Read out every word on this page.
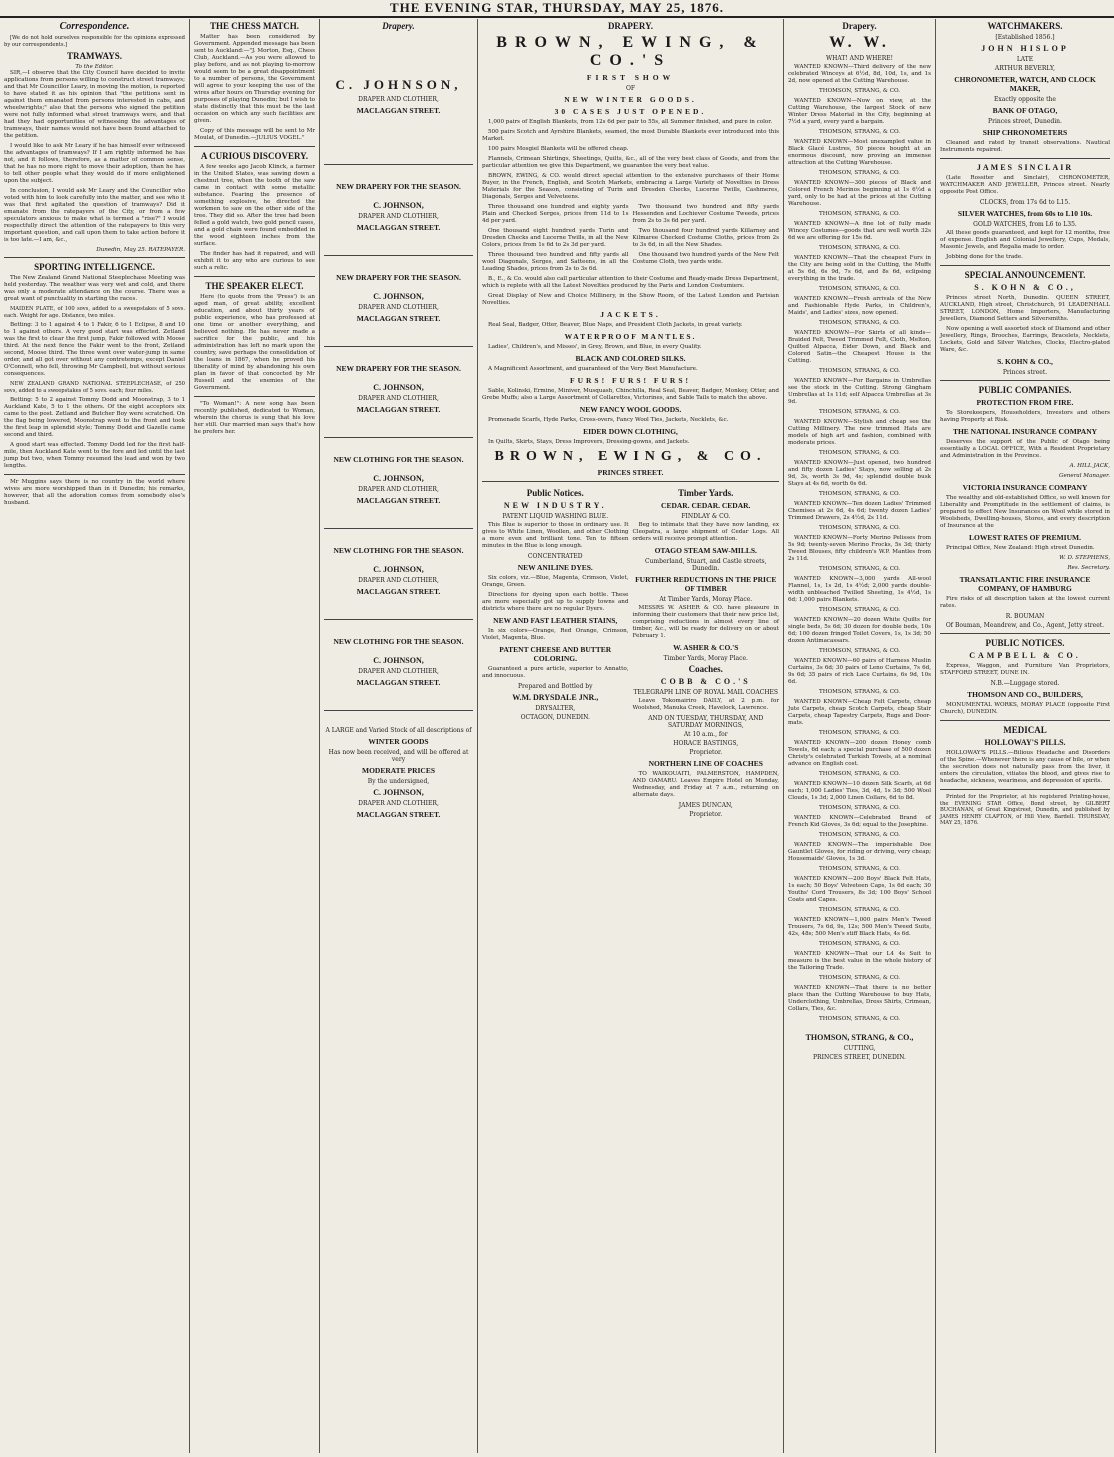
THE EVENING STAR, THURSDAY, MAY 25, 1876.
Correspondence.

[We do not hold ourselves responsible for the opinions expressed by our correspondents.]

TRAMWAYS.
To the Editor.

SIR,—I observe that the City Council have decided to invite applications from persons willing to construct street tramways; and that Mr Councillor Leary, in moving the motion, is reported to have stated it as his opinion that "the petitions sent in against them emanated from persons interested in cabs, and wheelwrights;" also that the persons who signed the petition were not fully informed what street tramways were, and that had they had opportunities of witnessing the advantages of tramways, their names would not have been found attached to the petition.

I would like to ask Mr Leary if he has himself ever witnessed the advantages of tramways? If I am rightly informed he has not, and it follows, therefore, as a matter of common sense, that he has no more right to move their adoption, than he has to tell other people what they would do if more enlightened upon the subject.

In conclusion, I would ask Mr Leary and the Councillor who voted with him to look carefully into the matter, and see who it was that first agitated the question of tramways? Did it emanate from the ratepayers of the City, or from a few speculators anxious to make what is termed a "rise?" I would respectfully direct the attention of the ratepayers to this very important question, and call upon them to take action before it is too late.—I am, &c.,

Dunedin, May 25. RATEPAYER.
SPORTING INTELLIGENCE.

The New Zealand Grand National Steeplechase Meeting was held yesterday. The weather was very wet and cold, and there was only a moderate attendance on the course. There was a great want of punctuality in starting the races.

MAIDEN PLATE, of 100 sovs, added to a sweepstakes of 5 sovs. each. Weight for age. Distance, two miles.

Betting: 3 to 1 against 4 to 1 Fakir, 6 to 1 Eclipse, 8 and 10 to 1 against others. A very good start was effected. Zetland was the first to clear the first jump, Fakir followed with Moose third. At the next fence the Fakir went to the front, Zetland second, Moose third. The three went over water-jump in same order, and all got over without any contretemps, except Daniel O'Connell, who fell, throwing Mr Campbell, but without serious consequences.

NEW ZEALAND GRAND NATIONAL STEEPLECHASE, of 250 sovs, added to a sweepstakes of 5 sovs. each; four miles.

Betting: 5 to 2 against Tommy Dodd and Moonstrap, 3 to 1 Auckland Kate, 5 to 1 the others. Of the eight acceptors six came to the post. Zetland and Butcher Boy were scratched. On the flag being lowered, Moonstrap went to the front and took the first leap in splendid style; Tommy Dodd and Gazelle came second and third.

A good start was effected. Tommy Dodd led for the first half-mile, then Auckland Kate went to the fore and led until the last jump but two, when Tommy resumed the lead and won by two lengths.

Mr Muggins says there is no country in the world where wives are more worshipped than in it Dunedin; his remarks, however, that all the adoration comes from somebody else's husband.

THE CHESS MATCH.

Matter has been considered by Government. Appended message has been sent to Auckland:—"J. Morton, Esq., Chess Club, Auckland.—As you were allowed to play before, and as not playing to-morrow would seem to be a great disappointment to a number of persons, the Government will agree to your keeping the use of the wires after hours on Thursday evening for purposes of playing Dunedin; but I wish to state distinctly that this must be the last occasion on which any such facilities are given.

Copy of this message will be sent to Mr Moulat, of Dunedin.—JULIUS VOGEL."

A CURIOUS DISCOVERY.

A few weeks ago Jacob Klinck, a farmer in the United States, was sawing down a chestnut tree, when the tooth of the saw came in contact with some metallic substance. Fearing the presence of something explosive, he directed the workmen to saw on the other side of the tree. They did so. After the tree had been felled a gold watch, two gold pencil cases, and a gold chain were found embedded in the wood eighteen inches from the surface.

The finder has had it repaired, and will exhibit it to any who are curious to see such a relic.

THE SPEAKER ELECT.

Here (to quote from the 'Press') is an aged man, of great ability, excellent education, and about thirty years of public experience, who has professed at one time or another everything, and believed nothing. He has never made a sacrifice for the public, and his administration has left no mark upon the country, save perhaps the consolidation of the loans in 1867, when he proved his liberality of mind by abandoning his own plan in favor of that concocted by Mr Russell and the enemies of the Government.

"To Woman!": A new song has been recently published, dedicated to Woman, wherein the chorus is sung that his love her still. Our married man says that's how he prefers her.

Drapery.
C. JOHNSON,
DRAPER AND CLOTHIER,
MACLAGGAN STREET.
NEW DRAPERY FOR THE SEASON.
C. JOHNSON,
DRAPER AND CLOTHIER,
MACLAGGAN STREET.
NEW DRAPERY FOR THE SEASON.
C. JOHNSON,
DRAPER AND CLOTHIER,
MACLAGGAN STREET.
NEW DRAPERY FOR THE SEASON.
C. JOHNSON,
DRAPER AND CLOTHIER,
MACLAGGAN STREET.
NEW CLOTHING FOR THE SEASON.
C. JOHNSON,
DRAPER AND CLOTHIER,
MACLAGGAN STREET.
NEW CLOTHING FOR THE SEASON.
C. JOHNSON,
DRAPER AND CLOTHIER,
MACLAGGAN STREET.
NEW CLOTHING FOR THE SEASON.
C. JOHNSON,
DRAPER AND CLOTHIER,
MACLAGGAN STREET.
A LARGE and Varied Stock of all descriptions of
WINTER GOODS
Has now been received, and will be offered at very
MODERATE PRICES
By the undersigned,
C. JOHNSON,
DRAPER AND CLOTHIER,
MACLAGGAN STREET.
DRAPERY.
BROWN, EWING, & CO.'S
FIRST SHOW
OF
NEW WINTER GOODS.
30 CASES JUST OPENED.

1,000 pairs of English Blankets, from 12s 6d per pair to 55s, all Summer finished, and pure in color.

500 pairs Scotch and Ayrshire Blankets, seamed, the most Durable Blankets ever introduced into this Market.

100 pairs Mosgiel Blankets will be offered cheap.

Flannels, Crimean Shirtings, Sheetings, Quilts, &c., all of the very best class of Goods, and from the particular attention we give this Department, we guarantee the very best value.

BROWN, EWING, & CO. would direct special attention to the extensive purchases of their Home Buyer, in the French, English, and Scotch Markets, embracing a Large Variety of Novelties in Dress Materials for the Season, consisting of Turin and Dresden Checks, Lucerne Twills, Cashmeres, Diagonals, Serges and Velveteens.

Three thousand one hundred and eighty yards Plain and Checked Serges, prices from 11d to 1s 4d per yard.

One thousand eight hundred yards Turin and Dresden Checks and Lucerne Twills, in all the New Colors, prices from 1s 6d to 2s 3d per yard.

Three thousand two hundred and fifty yards all wool Diagonals, Serges, and Satteens, in all the Leading Shades, prices from 2s to 3s 6d.

Two thousand two hundred and fifty yards Hessenden and Lochiever Costume Tweeds, prices from 2s to 3s 6d per yard.

Two thousand four hundred yards Killarney and Kilmaree Checked Costume Cloths, prices from 2s to 3s 6d, in all the New Shades.

One thousand two hundred yards of the New Felt Costume Cloth, two yards wide.

B., E., & Co. would also call particular attention to their Costume and Ready-made Dress Department, which is replete with all the Latest Novelties produced by the Paris and London Costumiers.

Great Display of New and Choice Millinery, in the Show Room, of the Latest London and Parisian Novelties.

JACKETS.

Real Seal, Badger, Otter, Beaver, Blue Naps, and President Cloth Jackets, in great variety.

WATERPROOF MANTLES.

Ladies', Children's, and Misses', in Grey, Brown, and Blue, in every Quality.

BLACK AND COLORED SILKS.

A Magnificent Assortment, and guaranteed of the Very Best Manufacture.

FURS! FURS! FURS!

Sable, Kolinski, Ermine, Miniver, Musquash, Chinchilla, Real Seal, Beaver, Badger, Monkey, Otter, and Grebe Muffs; also a Large Assortment of Collarettes, Victorines, and Sable Tails to match the above.

NEW FANCY WOOL GOODS.

Promenade Scarfs, Hyde Parks, Cross-overs, Fancy Wool Ties, Jackets, Necklets, &c.

EIDER DOWN CLOTHING,

In Quilts, Skirts, Stays, Dress Improvers, Dressing-gowns, and Jackets.

BROWN, EWING, & CO.
PRINCES STREET.
Public Notices.
NEW INDUSTRY.
PATENT LIQUID WASHING BLUE.

This Blue is superior to those in ordinary use. It gives to White Linen, Woollen, and other Clothing a more even and brilliant tone. Ten to fifteen minutes in the Blue is long enough.

CONCENTRATED
NEW ANILINE DYES.

Six colors, viz.—Blue, Magenta, Crimson, Violet, Orange, Green.

Directions for dyeing upon each bottle. These are more especially got up to supply towns and districts where there are no regular Dyers.

NEW AND FAST LEATHER STAINS,

In six colors—Orange, Red Orange, Crimson, Violet, Magenta, Blue.

PATENT CHEESE AND BUTTER COLORING.

Guaranteed a pure article, superior to Annatto, and innocuous.

Prepared and Bottled by
W.M. DRYSDALE JNR.,
DRYSALTER,
OCTAGON, DUNEDIN.
Timber Yards.
CEDAR. CEDAR. CEDAR.
FINDLAY & CO.

Beg to intimate that they have now landing, ex Cleopatra, a large shipment of Cedar Logs. All orders will receive prompt attention.

OTAGO STEAM SAW-MILLS.
Cumberland, Stuart, and Castle streets, Dunedin.
FURTHER REDUCTIONS IN THE PRICE OF TIMBER
At Timber Yards, Moray Place.

MESSRS W. ASHER & CO. have pleasure in informing their customers that their new price list, comprising reductions in almost every line of timber, &c., will be ready for delivery on or about February 1.

W. ASHER & CO.'S
Timber Yards, Moray Place.
Coaches.
COBB & CO.'S
TELEGRAPH LINE OF ROYAL MAIL COACHES

Leave Tokomairiro DAILY, at 2 p.m. for Woolshed, Manuka Creek, Havelock, Lawrence.

AND ON TUESDAY, THURSDAY, AND SATURDAY MORNINGS,
At 10 a.m., for
HORACE BASTINGS,
Proprietor.
NORTHERN LINE OF COACHES

TO WAIKOUAITI, PALMERSTON, HAMPDEN, AND OAMARU. Leaves Empire Hotel on Monday, Wednesday, and Friday at 7 a.m., returning on alternate days.

JAMES DUNCAN,
Proprietor.
Drapery.
W. W.
WHAT! AND WHERE!

WANTED KNOWN—Third delivery of the new celebrated Winceys at 6½d, 8d, 10d, 1s, and 1s 2d, now opened at the Cutting Warehouse.

THOMSON, STRANG, & CO.

WANTED KNOWN—Now on view, at the Cutting Warehouse, the largest Stock of new Winter Dress Material in the City, beginning at 7½d a yard, every yard a bargain.

THOMSON, STRANG, & CO.

WANTED KNOWN—Most unexampled value in Black Glacé Lustres, 50 pieces bought at an enormous discount, now proving an immense attraction at the Cutting Warehouse.

THOMSON, STRANG, & CO.

WANTED KNOWN—300 pieces of Black and Colored French Merinos beginning at 1s 6½d a yard, only to be had at the prices at the Cutting Warehouse.

THOMSON, STRANG, & CO.

WANTED KNOWN—A fine lot of fully made Wincey Costumes—goods that are well worth 32s 6d we are offering for 15s 6d.

THOMSON, STRANG, & CO.

WANTED KNOWN—That the cheapest Furs in the City are being sold in the Cutting, the Muffs at 5s 6d, 6s 9d, 7s 6d, and 8s 6d, eclipsing everything in the trade.

THOMSON, STRANG, & CO.

WANTED KNOWN—Fresh arrivals of the New and Fashionable Hyde Parks, in Children's, Maids', and Ladies' sizes, now opened.

THOMSON, STRANG, & CO.

WANTED KNOWN—For Skirts of all kinds—Braided Felt, Tweed Trimmed Felt, Cloth, Melton, Quilted Alpacca, Eider Down, and Black and Colored Satin—the Cheapest House is the Cutting.

THOMSON, STRANG, & CO.

WANTED KNOWN—For Bargains in Umbrellas see the stock in the Cutting. Strong Gingham Umbrellas at 1s 11d; self Alpacca Umbrellas at 3s 9d.

THOMSON, STRANG, & CO.

WANTED KNOWN—Stylish and cheap see the Cutting Millinery. The new trimmed Hats are models of high art and fashion, combined with moderate prices.

THOMSON, STRANG, & CO.

WANTED KNOWN—Just opened, two hundred and fifty dozen Ladies' Stays, now selling at 2s 9d, 3s, worth 3s 9d, 4s; splendid double busk Stays at 4s 6d, worth 6s 6d.

THOMSON, STRANG, & CO.

WANTED KNOWN—Ten dozen Ladies' Trimmed Chemises at 2s 6d, 4s 6d; twenty dozen Ladies' Trimmed Drawers, 2s 4½d, 2s 11d.

THOMSON, STRANG, & CO.

WANTED KNOWN—Forty Merino Pelisses from 5s 9d; twenty-seven Merino Frocks, 5s 3d; thirty Tweed Blouses, fifty children's W.P. Mantles from 2s 11d.

THOMSON, STRANG, & CO.

WANTED KNOWN—3,000 yards All-wool Flannel, 1s, 1s 2d, 1s 4½d; 2,000 yards double-width unbleached Twilled Sheeting, 1s 4½d, 1s 6d; 1,000 pairs Blankets.

THOMSON, STRANG, & CO.

WANTED KNOWN—20 dozen White Quilts for single beds, 5s 6d; 30 dozen for double beds, 10s 6d; 100 dozen fringed Toilet Covers, 1s, 1s 3d; 50 dozen Antimacassars.

THOMSON, STRANG, & CO.

WANTED KNOWN—60 pairs of Harness Muslin Curtains, 3s 6d; 30 pairs of Leno Curtains, 7s 6d, 9s 6d; 35 pairs of rich Lace Curtains, 6s 9d, 10s 6d.

THOMSON, STRANG, & CO.

WANTED KNOWN—Cheap Felt Carpets, cheap Jute Carpets, cheap Scotch Carpets, cheap Stair Carpets, cheap Tapestry Carpets, Rugs and Door-mats.

THOMSON, STRANG, & CO.

WANTED KNOWN—200 dozen Honey comb Towels, 6d each; a special purchase of 500 dozen Christy's celebrated Turkish Towels, at a nominal advance on English cost.

THOMSON, STRANG, & CO.

WANTED KNOWN—10 dozen Silk Scarfs, at 6d each; 1,000 Ladies' Ties, 3d, 4d, 1s 3d; 500 Wool Clouds, 1s 3d; 2,000 Linen Collars, 6d to 8d.

THOMSON, STRANG, & CO.

WANTED KNOWN—Celebrated Brand of French Kid Gloves, 3s 6d; equal to the Josephine.

THOMSON, STRANG, & CO.

WANTED KNOWN—The imperishable Doe Gauntlet Gloves, for riding or driving, very cheap; Housemaids' Gloves, 1s 3d.

THOMSON, STRANG, & CO.

WANTED KNOWN—200 Boys' Black Felt Hats, 1s each; 50 Boys' Velveteen Caps, 1s 6d each; 30 Youths' Cord Trousers, 8s 3d; 100 Boys' School Coats and Capes.

THOMSON, STRANG, & CO.

WANTED KNOWN—1,000 pairs Men's Tweed Trousers, 7s 6d, 9s, 12s; 500 Men's Tweed Suits, 42s, 48s; 500 Men's stiff Black Hats, 4s 6d.

THOMSON, STRANG, & CO.

WANTED KNOWN—That our L4 4s Suit to measure is the best value in the whole history of the Tailoring Trade.

THOMSON, STRANG, & CO.

WANTED KNOWN—That there is no better place than the Cutting Warehouse to buy Hats, Underclothing, Umbrellas, Dress Shirts, Crimean, Collars, Ties, &c.

THOMSON, STRANG, & CO.
THOMSON, STRANG, & CO.,
CUTTING,
PRINCES STREET, DUNEDIN.
WATCHMAKERS.
[Established 1856.]
JOHN HISLOP
LATE
ARTHUR BEVERLY,
CHRONOMETER, WATCH, AND CLOCK MAKER,
Exactly opposite the
BANK OF OTAGO,
Princes street, Dunedin.
SHIP CHRONOMETERS

Cleaned and rated by transit observations. Nautical Instruments repaired.

JAMES SINCLAIR

(Late Rossiter and Sinclair), CHRONOMETER, WATCHMAKER AND JEWELLER, Princes street. Nearly opposite Post Office.

CLOCKS, from 17s 6d to L15.
SILVER WATCHES, from 60s to L10 10s.
GOLD WATCHES, from L6 to L35.

All these goods guaranteed, and kept for 12 months, free of expense. English and Colonial Jewellery, Cups, Medals, Masonic Jewels, and Regalia made to order.

Jobbing done for the trade.

SPECIAL ANNOUNCEMENT.
S. KOHN & CO.,

Princes street North, Dunedin. QUEEN STREET, AUCKLAND, High street, Christchurch, 91 LEADENHALL STREET, LONDON, Home Importers, Manufacturing Jewellers, Diamond Setters and Silversmiths.

Now opening a well assorted stock of Diamond and other Jewellery, Rings, Brooches, Earrings, Bracelets, Necklets, Lockets, Gold and Silver Watches, Clocks, Electro-plated Ware, &c.

S. KOHN & CO.,
Princes street.
PUBLIC COMPANIES.
PROTECTION FROM FIRE.

To Storekeepers, Householders, Investors and others having Property at Risk.

THE NATIONAL INSURANCE COMPANY

Deserves the support of the Public of Otago being essentially a LOCAL OFFICE, With a Resident Proprietary and Administration in the Province.

A. HILL JACK,
General Manager.
VICTORIA INSURANCE COMPANY

The wealthy and old-established Office, so well known for Liberality and Promptitude in the settlement of claims, is prepared to effect New Insurances on Wool while stored in Woolsheds, Dwelling-houses, Stores, and every description of Insurance at the

LOWEST RATES OF PREMIUM.

Principal Office, New Zealand: High street Dunedin.

W. D. STEPHENS,
Res. Secretary.
TRANSATLANTIC FIRE INSURANCE COMPANY, OF HAMBURG

Fire risks of all description taken at the lowest current rates.

R. BOUMAN
Of Bouman, Meandrew, and Co., Agent, Jetty street.
PUBLIC NOTICES.
CAMPBELL & CO.

Express, Waggon, and Furniture Van Proprietors, STAFFORD STREET, DUNE IN.

N.B.—Luggage stored.
THOMSON AND CO., BUILDERS,

MONUMENTAL WORKS, MORAY PLACE (opposite First Church), DUNEDIN.

MEDICAL
HOLLOWAY'S PILLS.

HOLLOWAY'S PILLS.—Bilious Headache and Disorders of the Spine.—Whenever there is any cause of bile, or when the secretion does not naturally pass from the liver, it enters the circulation, vitiates the blood, and gives rise to headache, sickness, weariness, and depression of spirits.

Printed for the Proprietor, at his registered Printing-house, the EVENING STAR Office, Bond street, by GILBERT BUCHANAN, of Great Kingstreet, Dunedin, and published by JAMES HENRY CLAPTON, of Hill View, Bardell. THURSDAY, MAY 25, 1876.
